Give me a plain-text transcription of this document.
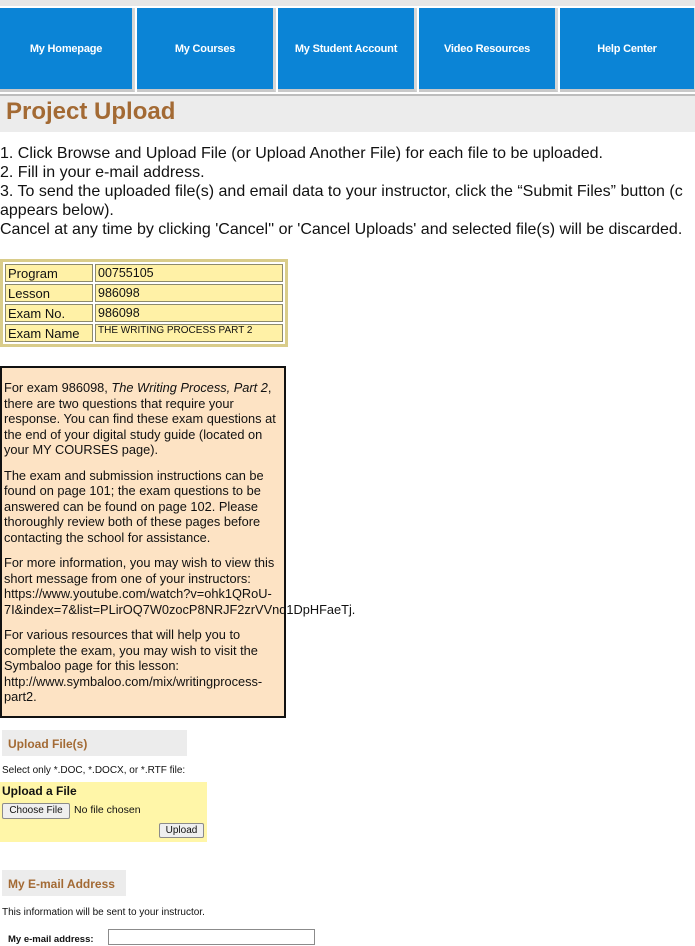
My Homepage	My Courses	My Student Account	Video Resources	Help Center
Project Upload
1. Click Browse and Upload File (or Upload Another File) for each file to be uploaded.
2. Fill in your e-mail address.
3. To send the uploaded file(s) and email data to your instructor, click the “Submit Files” button (c
appears below).
Cancel at any time by clicking 'Cancel'' or 'Cancel Uploads' and selected file(s) will be discarded.
Program	00755105
Lesson	986098
Exam No.	986098
Exam Name	THE WRITING PROCESS PART 2

For exam 986098, The Writing Process, Part 2, there are two questions that require your response. You can find these exam questions at the end of your digital study guide (located on your MY COURSES page).

The exam and submission instructions can be found on page 101; the exam questions to be answered can be found on page 102. Please thoroughly review both of these pages before contacting the school for assistance.

For more information, you may wish to view this short message from one of your instructors:
https://www.youtube.com/watch?v=ohk1QRoU-
7I&index=7&list=PLirOQ7W0zocP8NRJF2zrVVnd1DpHFaeTj.

For various resources that will help you to complete the exam, you may wish to visit the Symbaloo page for this lesson:
http://www.symbaloo.com/mix/writingprocess-part2.

Upload File(s)
Select only *.DOC, *.DOCX, or *.RTF file:
Upload a File
Choose File	No file chosen
Upload
My E-mail Address
This information will be sent to your instructor.
My e-mail address:
